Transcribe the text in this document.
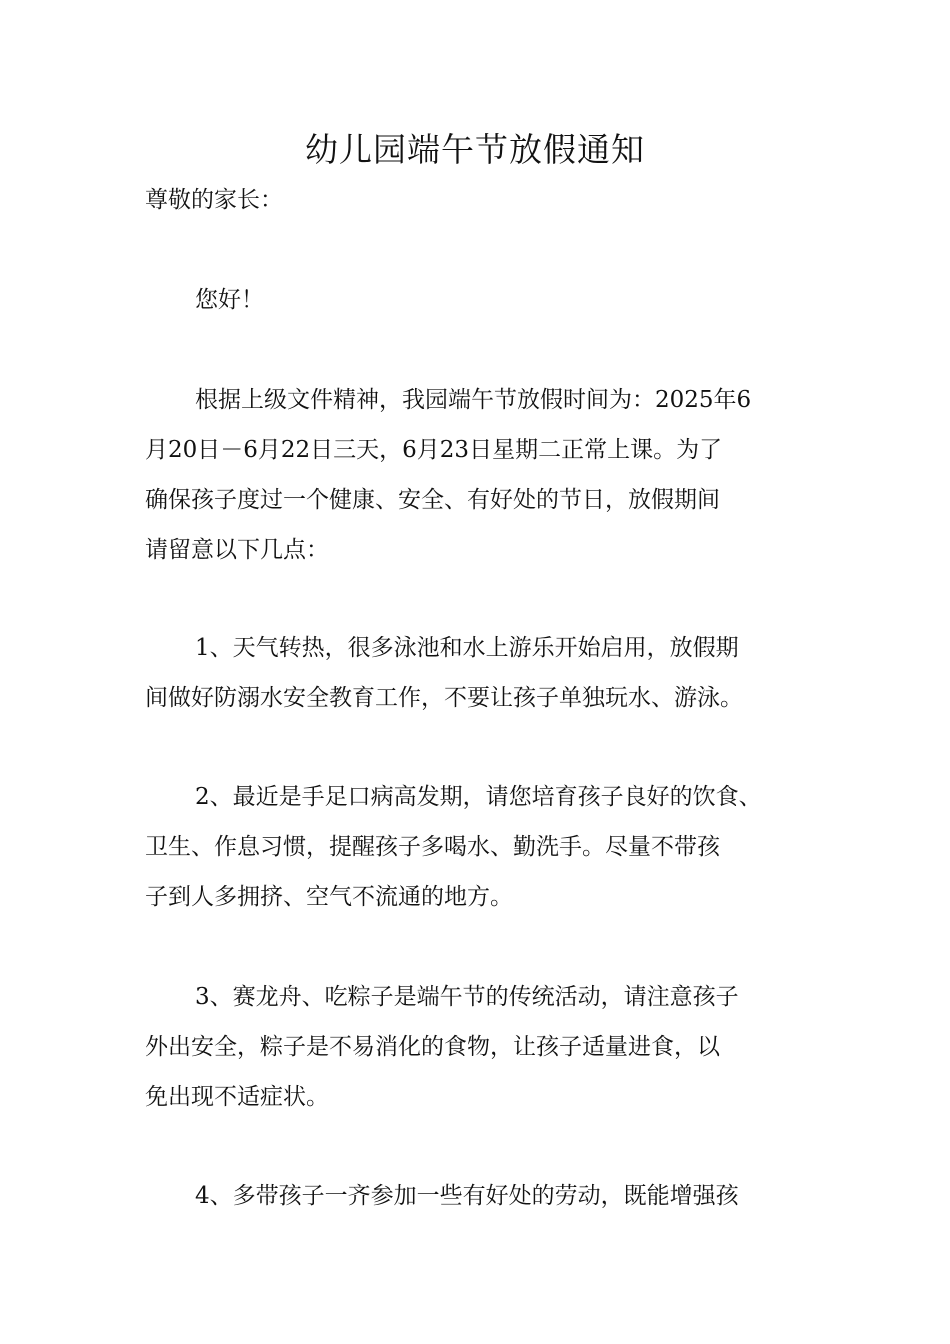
幼儿园端午节放假通知
尊敬的家长：
您好！
根据上级文件精神，我园端午节放假时间为：2025年6
月20日－6月22日三天，6月23日星期二正常上课。为了
确保孩子度过一个健康、安全、有好处的节日，放假期间
请留意以下几点：
1、天气转热，很多泳池和水上游乐开始启用，放假期
间做好防溺水安全教育工作，不要让孩子单独玩水、游泳。
2、最近是手足口病高发期，请您培育孩子良好的饮食、
卫生、作息习惯，提醒孩子多喝水、勤洗手。尽量不带孩
子到人多拥挤、空气不流通的地方。
3、赛龙舟、吃粽子是端午节的传统活动，请注意孩子
外出安全，粽子是不易消化的食物，让孩子适量进食，以
免出现不适症状。
4、多带孩子一齐参加一些有好处的劳动，既能增强孩
